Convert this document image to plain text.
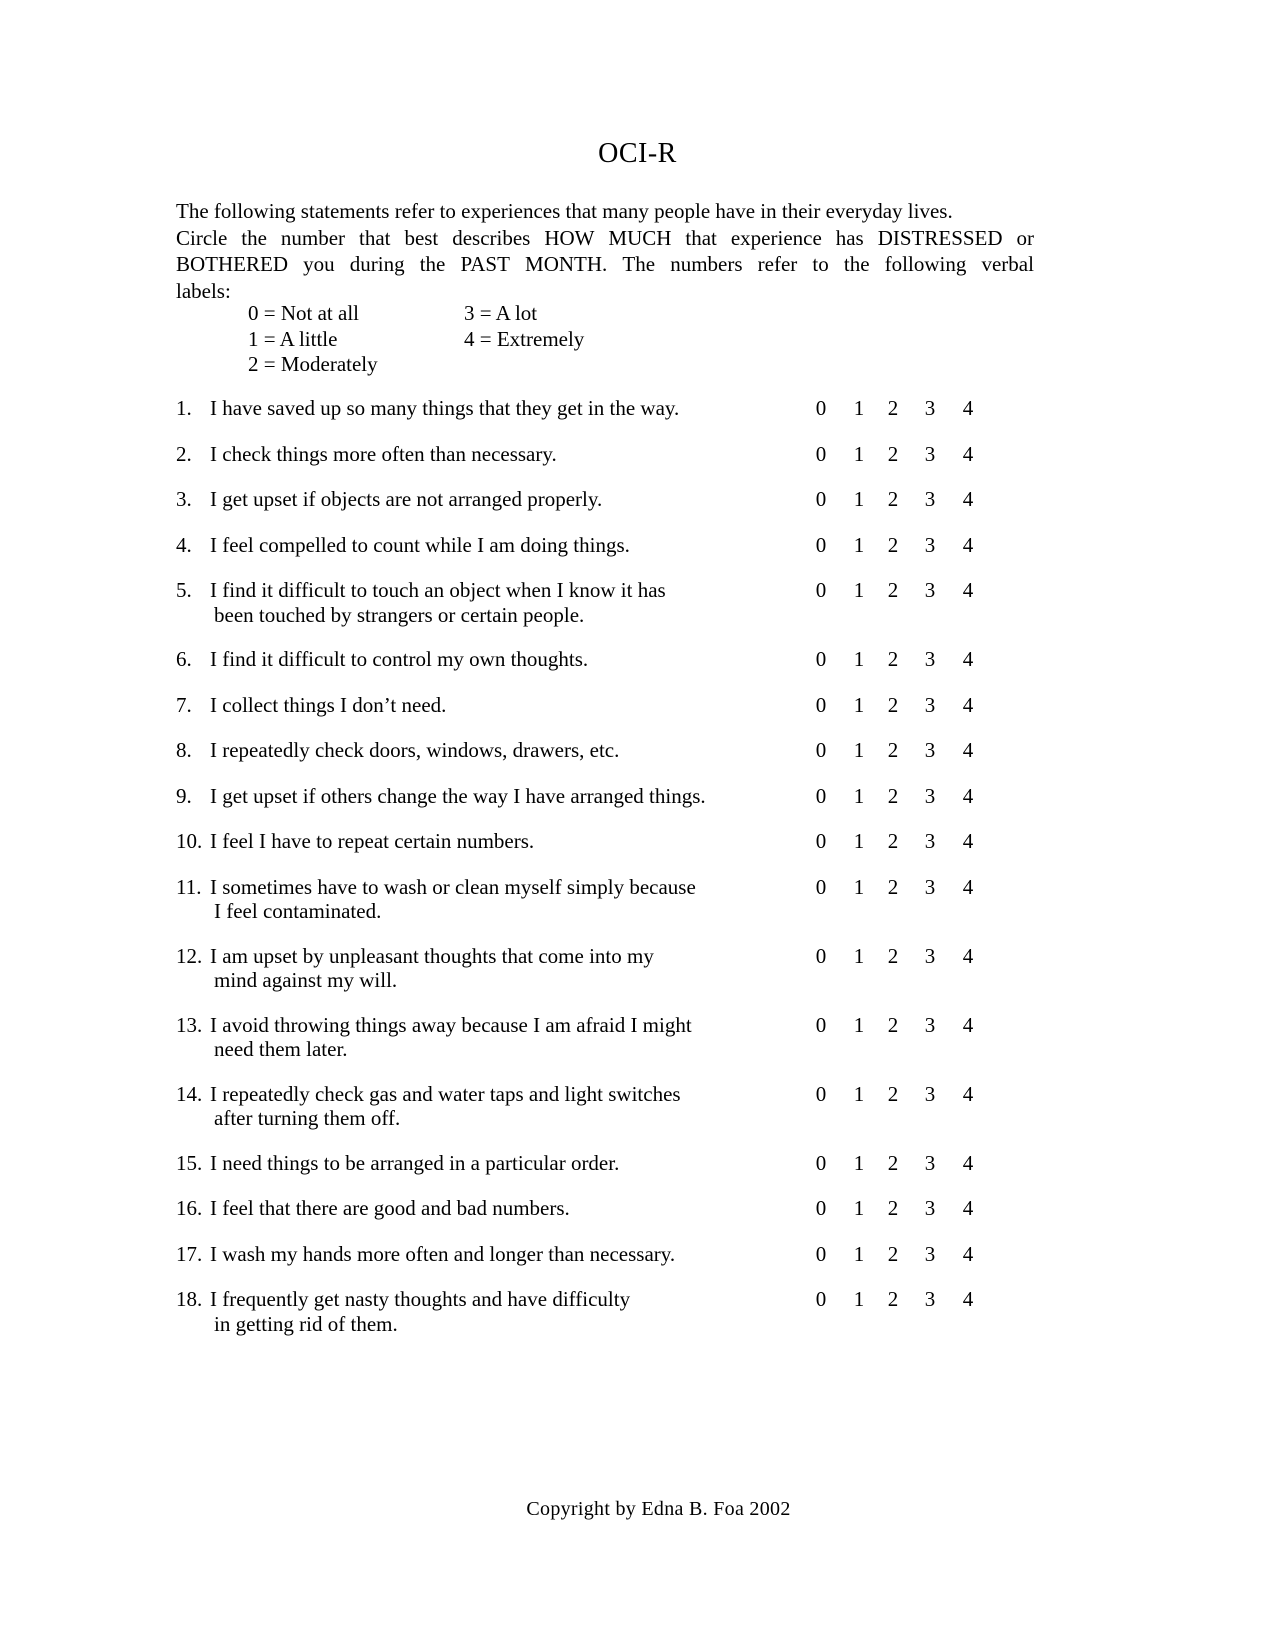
OCI-R
The following statements refer to experiences that many people have in their everyday lives.
Circle the number that best describes HOW MUCH that experience has DISTRESSED or
BOTHERED you during the PAST MONTH. The numbers refer to the following verbal
labels:
0 = Not at all	3 = A lot
1 = A little	4 = Extremely
2 = Moderately
1. I have saved up so many things that they get in the way.	0 1 2 3 4
2. I check things more often than necessary.	0 1 2 3 4
3. I get upset if objects are not arranged properly.	0 1 2 3 4
4. I feel compelled to count while I am doing things.	0 1 2 3 4
5. I find it difficult to touch an object when I know it has
been touched by strangers or certain people.
0 1 2 3 4
6. I find it difficult to control my own thoughts.	0 1 2 3 4
7. I collect things I don’t need.	0 1 2 3 4
8. I repeatedly check doors, windows, drawers, etc.	0 1 2 3 4
9. I get upset if others change the way I have arranged things.	0 1 2 3 4
10. I feel I have to repeat certain numbers.	0 1 2 3 4
11. I sometimes have to wash or clean myself simply because
I feel contaminated.
0 1 2 3 4
12. I am upset by unpleasant thoughts that come into my
mind against my will.
0 1 2 3 4
13. I avoid throwing things away because I am afraid I might
need them later.
0 1 2 3 4
14. I repeatedly check gas and water taps and light switches
after turning them off.
0 1 2 3 4
15. I need things to be arranged in a particular order.	0 1 2 3 4
16. I feel that there are good and bad numbers.	0 1 2 3 4
17. I wash my hands more often and longer than necessary.	0 1 2 3 4
18. I frequently get nasty thoughts and have difficulty
in getting rid of them.
0 1 2 3 4
Copyright by Edna B. Foa 2002
